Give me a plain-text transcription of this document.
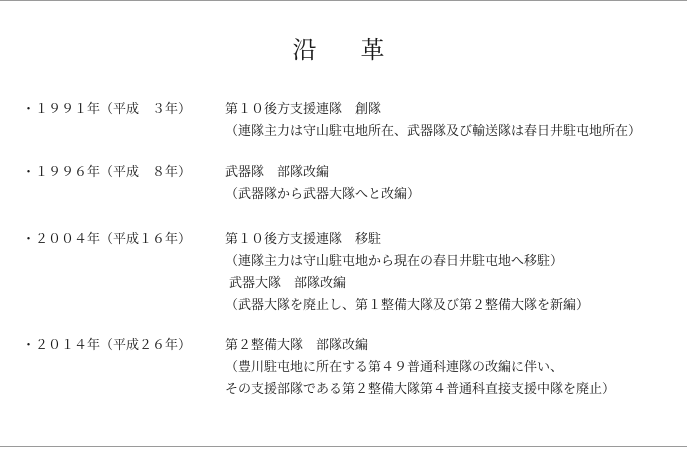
沿　革
・１９９１年（平成　３年）	第１０後方支援連隊　創隊
（連隊主力は守山駐屯地所在、武器隊及び輸送隊は春日井駐屯地所在）
・１９９６年（平成　８年）	武器隊　部隊改編
（武器隊から武器大隊へと改編）
・２００４年（平成１６年）	第１０後方支援連隊　移駐
（連隊主力は守山駐屯地から現在の春日井駐屯地へ移駐）
武器大隊　部隊改編
（武器大隊を廃止し、第１整備大隊及び第２整備大隊を新編）
・２０１４年（平成２６年）	第２整備大隊　部隊改編
（豊川駐屯地に所在する第４９普通科連隊の改編に伴い、
その支援部隊である第２整備大隊第４普通科直接支援中隊を廃止）
